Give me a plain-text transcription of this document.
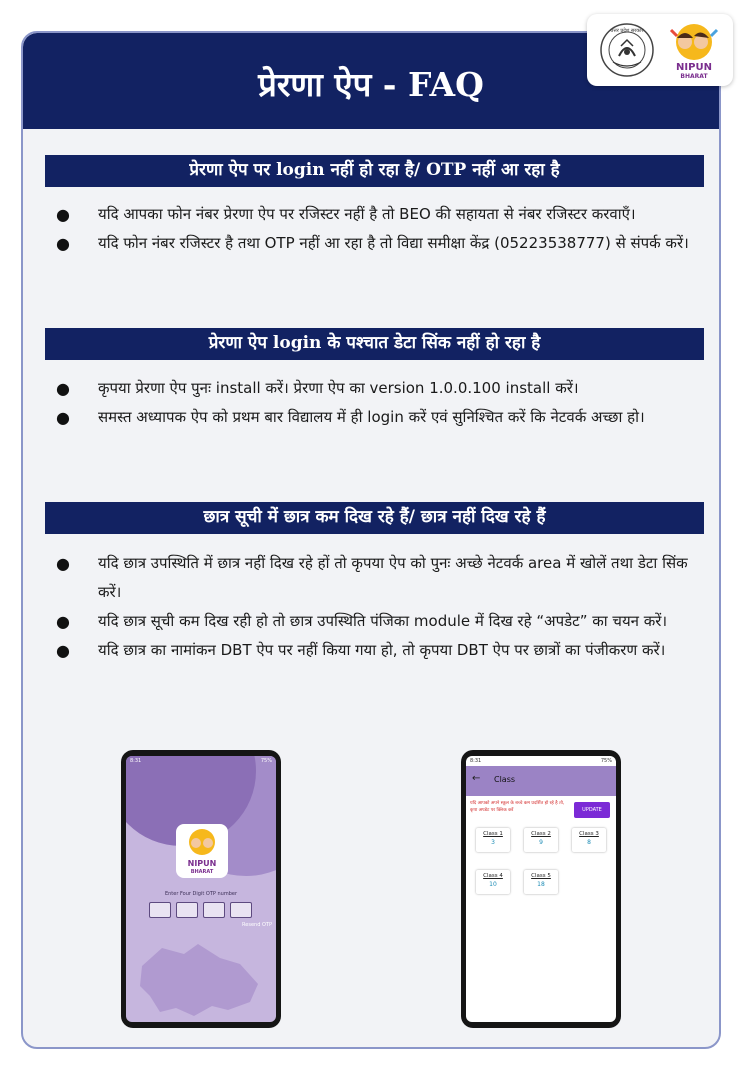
प्रेरणा ऐप - FAQ
उत्तर प्रदेश सरकार
NIPUN
BHARAT
प्रेरणा ऐप पर login नहीं हो रहा है/ OTP नहीं आ रहा है
● यदि आपका फोन नंबर प्रेरणा ऐप पर रजिस्टर नहीं है तो BEO की सहायता से नंबर रजिस्टर करवाएँ।
● यदि फोन नंबर रजिस्टर है तथा OTP नहीं आ रहा है तो विद्या समीक्षा केंद्र (05223538777) से संपर्क करें।
प्रेरणा ऐप login के पश्चात डेटा सिंक नहीं हो रहा है
● कृपया प्रेरणा ऐप पुनः install करें। प्रेरणा ऐप का version 1.0.0.100 install करें।
● समस्त अध्यापक ऐप को प्रथम बार विद्यालय में ही login करें एवं सुनिश्चित करें कि नेटवर्क अच्छा हो।
छात्र सूची में छात्र कम दिख रहे हैं/ छात्र नहीं दिख रहे हैं
● यदि छात्र उपस्थिति में छात्र नहीं दिख रहे हों तो कृपया ऐप को पुनः अच्छे नेटवर्क area में खोलें तथा डेटा सिंक करें।
● यदि छात्र सूची कम दिख रही हो तो छात्र उपस्थिति पंजिका module में दिख रहे “अपडेट” का चयन करें।
● यदि छात्र का नामांकन DBT ऐप पर नहीं किया गया हो, तो कृपया DBT ऐप पर छात्रों का पंजीकरण करें।
8:31	75%
NIPUN
BHARAT
Enter Four Digit OTP number
Resend OTP
8:31	75%
← Class
यदि आपको अपने स्कूल के बच्चे कम प्रदर्शित हो रहे है तो, कृपा अपडेट पर क्लिक करें	UPDATE
Class 1
3
Class 2
9
Class 3
8
Class 4
10
Class 5
18
